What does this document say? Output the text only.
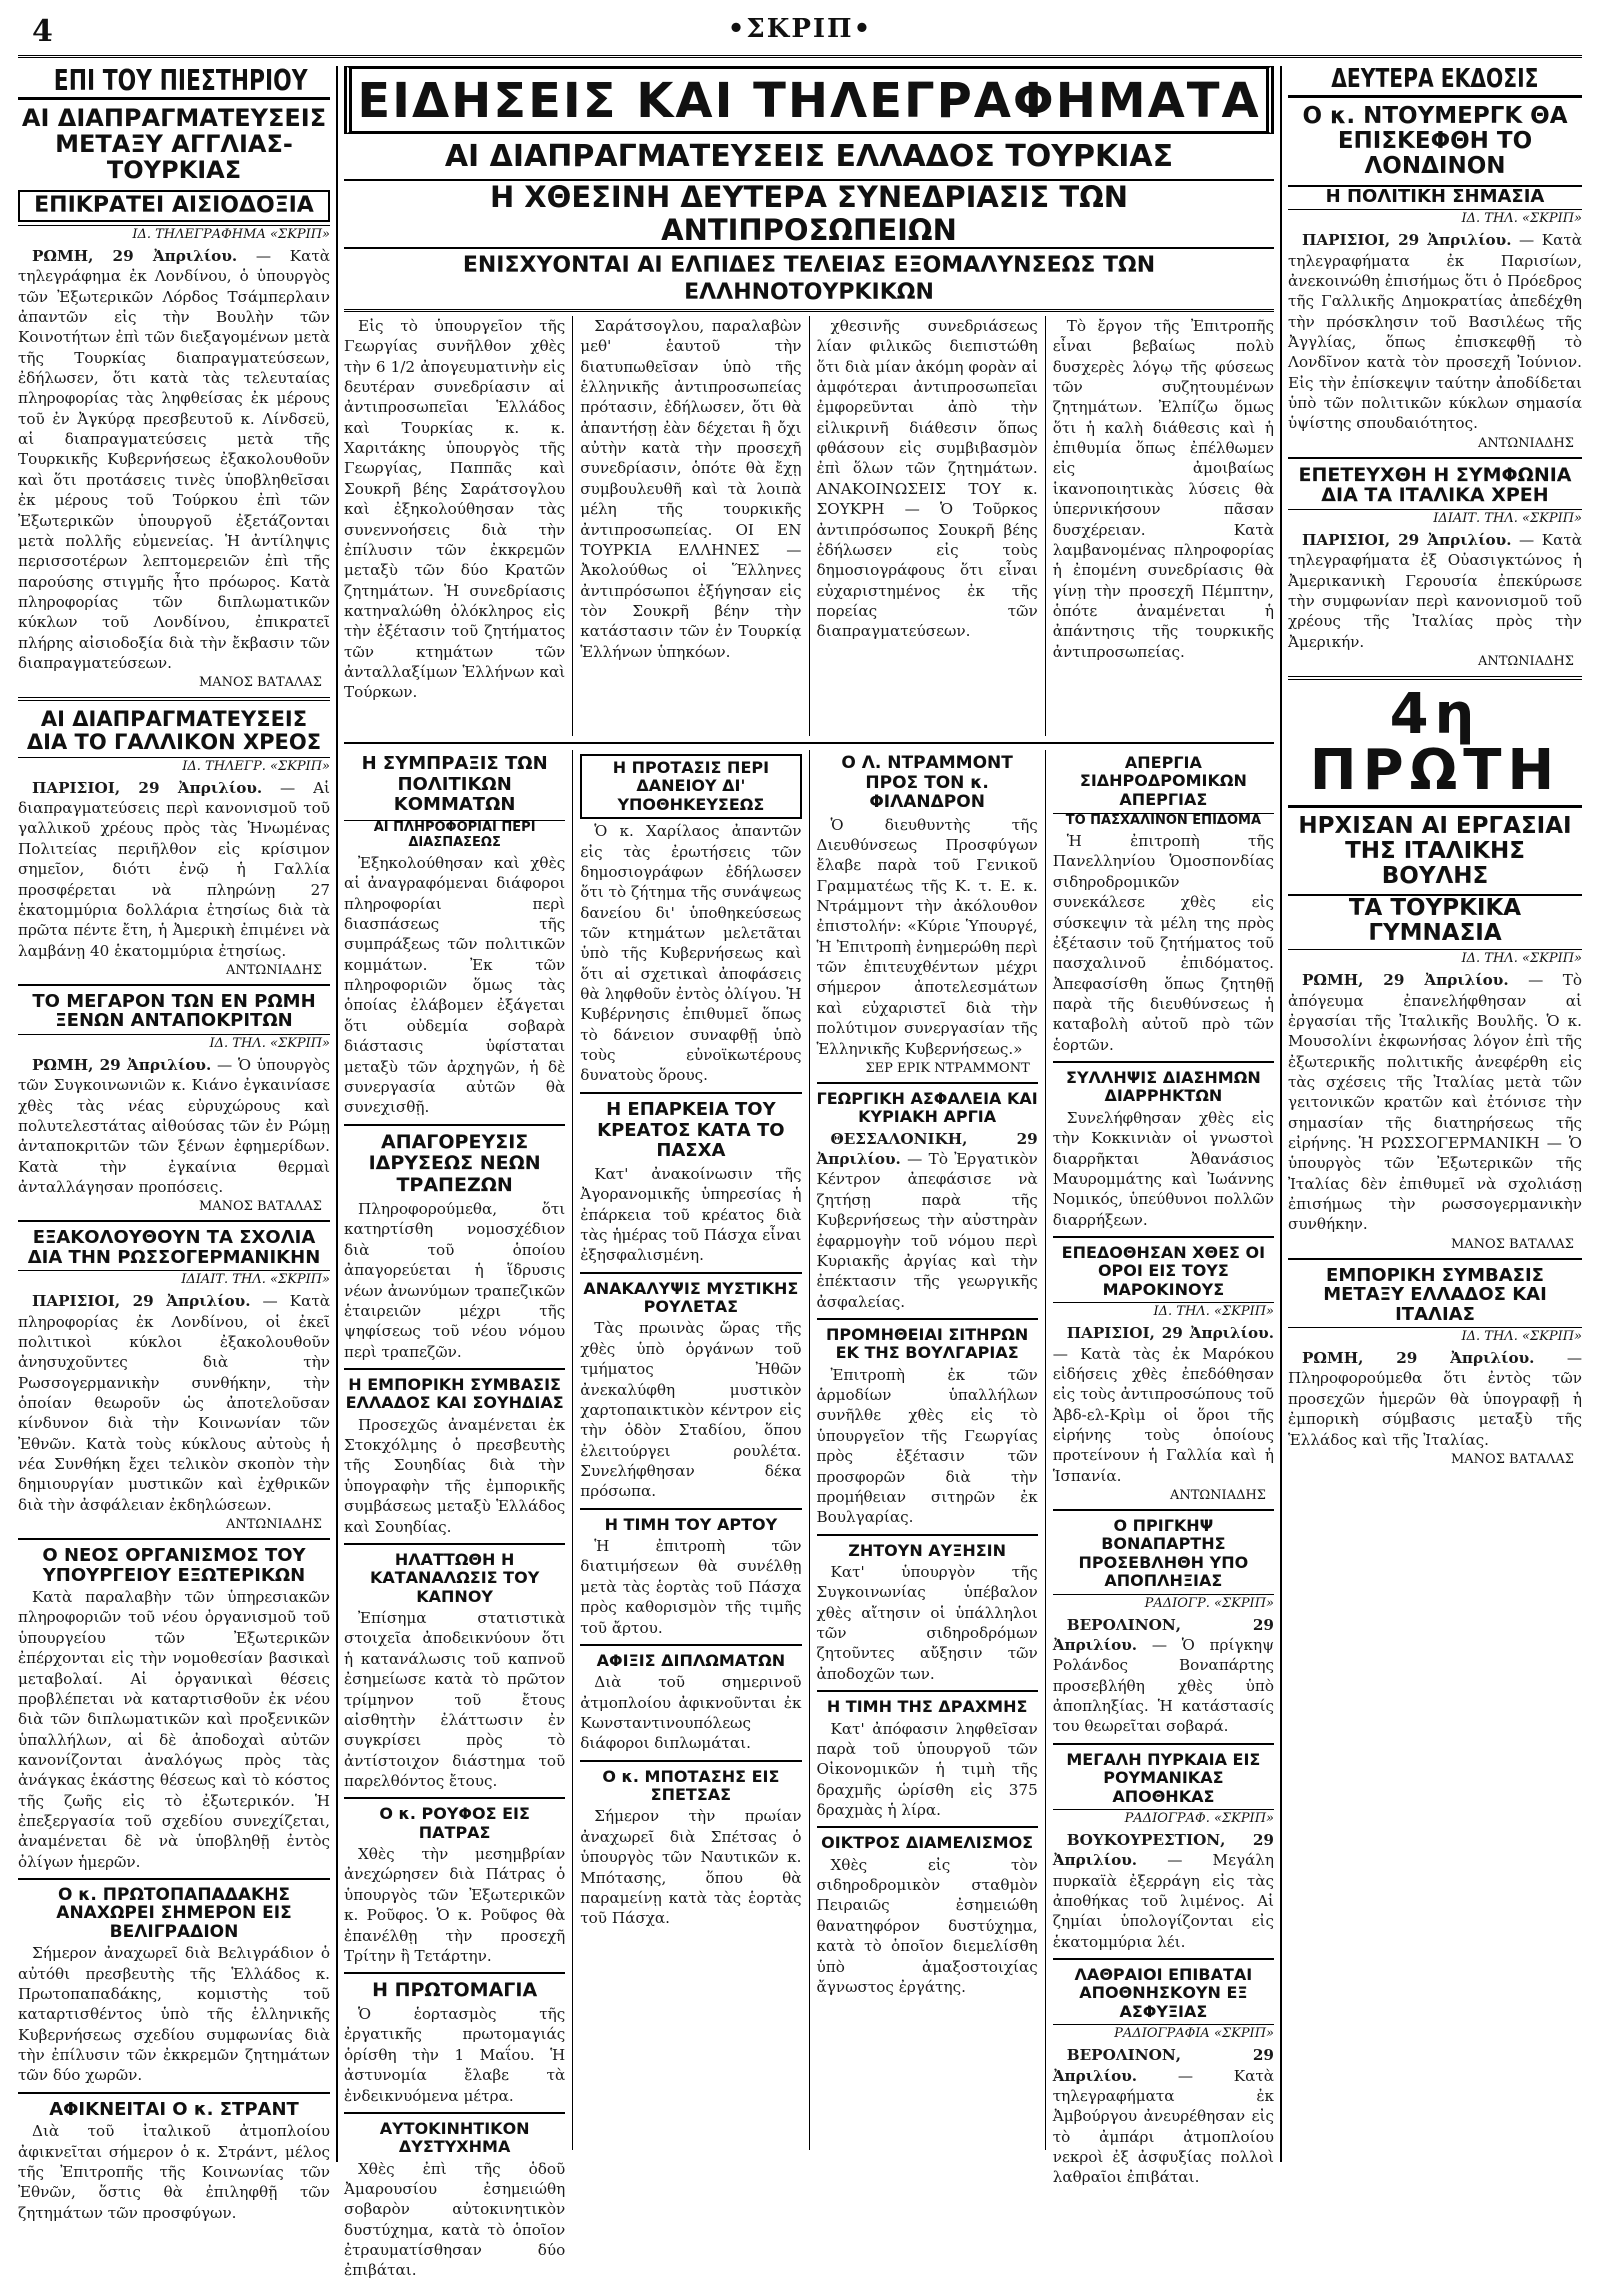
4	•ΣΚΡΙΠ•
ΕΠΙ ΤΟΥ ΠΙΕΣΤΗΡΙΟΥ
ΑΙ ΔΙΑΠΡΑΓΜΑΤΕΥΣΕΙΣ ΜΕΤΑΞΥ ΑΓΓΛΙΑΣ-ΤΟΥΡΚΙΑΣ
ΕΠΙΚΡΑΤΕΙ ΑΙΣΙΟΔΟΞΙΑ
ΙΔ. ΤΗΛΕΓΡΑΦΗΜΑ «ΣΚΡΙΠ»

ΡΩΜΗ, 29 Ἀπριλίου. — Κατὰ τηλεγράφημα ἐκ Λονδίνου, ὁ ὑπουργὸς τῶν Ἐξωτερικῶν Λόρδος Τσάμπερλαιν ἀπαντῶν εἰς τὴν Βουλὴν τῶν Κοινοτήτων ἐπὶ τῶν διεξαγομένων μετὰ τῆς Τουρκίας διαπραγματεύσεων, ἐδήλωσεν, ὅτι κατὰ τὰς τελευταίας πληροφορίας τὰς ληφθείσας ἐκ μέρους τοῦ ἐν Ἀγκύρᾳ πρεσβευτοῦ κ. Λίνδσεϋ, αἱ διαπραγματεύσεις μετὰ τῆς Τουρκικῆς Κυβερνήσεως ἐξακολουθοῦν καὶ ὅτι προτάσεις τινὲς ὑποβληθεῖσαι ἐκ μέρους τοῦ Τούρκου ἐπὶ τῶν Ἐξωτερικῶν ὑπουργοῦ ἐξετάζονται μετὰ πολλῆς εὐμενείας. Ἡ ἀντίληψις περισσοτέρων λεπτομερειῶν ἐπὶ τῆς παρούσης στιγμῆς ἦτο πρόωρος. Κατὰ πληροφορίας τῶν διπλωματικῶν κύκλων τοῦ Λονδίνου, ἐπικρατεῖ πλήρης αἰσιοδοξία διὰ τὴν ἔκβασιν τῶν διαπραγματεύσεων.

ΜΑΝΟΣ ΒΑΤΑΛΑΣ
ΑΙ ΔΙΑΠΡΑΓΜΑΤΕΥΣΕΙΣ ΔΙΑ ΤΟ ΓΑΛΛΙΚΟΝ ΧΡΕΟΣ
ΙΔ. ΤΗΛΕΓΡ. «ΣΚΡΙΠ»

ΠΑΡΙΣΙΟΙ, 29 Ἀπριλίου. — Αἱ διαπραγματεύσεις περὶ κανονισμοῦ τοῦ γαλλικοῦ χρέους πρὸς τὰς Ἡνωμένας Πολιτείας περιῆλθον εἰς κρίσιμον σημεῖον, διότι ἐνῷ ἡ Γαλλία προσφέρεται νὰ πληρώνῃ 27 ἑκατομμύρια δολλάρια ἐτησίως διὰ τὰ πρῶτα πέντε ἔτη, ἡ Ἀμερικὴ ἐπιμένει νὰ λαμβάνῃ 40 ἑκατομμύρια ἐτησίως.

ΑΝΤΩΝΙΑΔΗΣ
ΤΟ ΜΕΓΑΡΟΝ ΤΩΝ ΕΝ ΡΩΜΗ ΞΕΝΩΝ ΑΝΤΑΠΟΚΡΙΤΩΝ
ΙΔ. ΤΗΛ. «ΣΚΡΙΠ»

ΡΩΜΗ, 29 Ἀπριλίου. — Ὁ ὑπουργὸς τῶν Συγκοινωνιῶν κ. Κιάνο ἐγκαινίασε χθὲς τὰς νέας εὐρυχώρους καὶ πολυτελεστάτας αἰθούσας τῶν ἐν Ρώμῃ ἀνταποκριτῶν τῶν ξένων ἐφημερίδων. Κατὰ τὴν ἐγκαίνια θερμαὶ ἀνταλλάγησαν προπόσεις.

ΜΑΝΟΣ ΒΑΤΑΛΑΣ
ΕΞΑΚΟΛΟΥΘΟΥΝ ΤΑ ΣΧΟΛΙΑ ΔΙΑ ΤΗΝ ΡΩΣΣΟΓΕΡΜΑΝΙΚΗΝ
ΙΔΙΑΙΤ. ΤΗΛ. «ΣΚΡΙΠ»

ΠΑΡΙΣΙΟΙ, 29 Ἀπριλίου. — Κατὰ πληροφορίας ἐκ Λονδίνου, οἱ ἐκεῖ πολιτικοὶ κύκλοι ἐξακολουθοῦν ἀνησυχοῦντες διὰ τὴν Ρωσσογερμανικὴν συνθήκην, τὴν ὁποίαν θεωροῦν ὡς ἀποτελοῦσαν κίνδυνον διὰ τὴν Κοινωνίαν τῶν Ἐθνῶν. Κατὰ τοὺς κύκλους αὐτοὺς ἡ νέα Συνθήκη ἔχει τελικὸν σκοπὸν τὴν δημιουργίαν μυστικῶν καὶ ἐχθρικῶν διὰ τὴν ἀσφάλειαν ἐκδηλώσεων.

ΑΝΤΩΝΙΑΔΗΣ
Ο ΝΕΟΣ ΟΡΓΑΝΙΣΜΟΣ ΤΟΥ ΥΠΟΥΡΓΕΙΟΥ ΕΞΩΤΕΡΙΚΩΝ

Κατὰ παραλαβὴν τῶν ὑπηρεσιακῶν πληροφοριῶν τοῦ νέου ὀργανισμοῦ τοῦ ὑπουργείου τῶν Ἐξωτερικῶν ἐπέρχονται εἰς τὴν νομοθεσίαν βασικαὶ μεταβολαί. Αἱ ὀργανικαὶ θέσεις προβλέπεται νὰ καταρτισθοῦν ἐκ νέου διὰ τῶν διπλωματικῶν καὶ προξενικῶν ὑπαλλήλων, αἱ δὲ ἀποδοχαὶ αὐτῶν κανονίζονται ἀναλόγως πρὸς τὰς ἀνάγκας ἑκάστης θέσεως καὶ τὸ κόστος τῆς ζωῆς εἰς τὸ ἐξωτερικόν. Ἡ ἐπεξεργασία τοῦ σχεδίου συνεχίζεται, ἀναμένεται δὲ νὰ ὑποβληθῇ ἐντὸς ὀλίγων ἡμερῶν.

Ο κ. ΠΡΩΤΟΠΑΠΑΔΑΚΗΣ ΑΝΑΧΩΡΕΙ ΣΗΜΕΡΟΝ ΕΙΣ ΒΕΛΙΓΡΑΔΙΟΝ

Σήμερον ἀναχωρεῖ διὰ Βελιγράδιον ὁ αὐτόθι πρεσβευτὴς τῆς Ἑλλάδος κ. Πρωτοπαπαδάκης, κομιστὴς τοῦ καταρτισθέντος ὑπὸ τῆς ἑλληνικῆς Κυβερνήσεως σχεδίου συμφωνίας διὰ τὴν ἐπίλυσιν τῶν ἐκκρεμῶν ζητημάτων τῶν δύο χωρῶν.

ΑΦΙΚΝΕΙΤΑΙ Ο κ. ΣΤΡΑΝΤ

Διὰ τοῦ ἰταλικοῦ ἀτμοπλοίου ἀφικνεῖται σήμερον ὁ κ. Στράντ, μέλος τῆς Ἐπιτροπῆς τῆς Κοινωνίας τῶν Ἐθνῶν, ὅστις θὰ ἐπιληφθῇ τῶν ζητημάτων τῶν προσφύγων.

ΕΙΔΗΣΕΙΣ ΚΑΙ ΤΗΛΕΓΡΑΦΗΜΑΤΑ
ΑΙ ΔΙΑΠΡΑΓΜΑΤΕΥΣΕΙΣ ΕΛΛΑΔΟΣ ΤΟΥΡΚΙΑΣ
Η ΧΘΕΣΙΝΗ ΔΕΥΤΕΡΑ ΣΥΝΕΔΡΙΑΣΙΣ ΤΩΝ ΑΝΤΙΠΡΟΣΩΠΕΙΩΝ
ΕΝΙΣΧΥΟΝΤΑΙ ΑΙ ΕΛΠΙΔΕΣ ΤΕΛΕΙΑΣ ΕΞΟΜΑΛΥΝΣΕΩΣ ΤΩΝ ΕΛΛΗΝΟΤΟΥΡΚΙΚΩΝ

Εἰς τὸ ὑπουργεῖον τῆς Γεωργίας συνῆλθον χθὲς τὴν 6 1/2 ἀπογευματινὴν εἰς δευτέραν συνεδρίασιν αἱ ἀντιπροσωπεῖαι Ἑλλάδος καὶ Τουρκίας κ. κ. Χαριτάκης ὑπουργὸς τῆς Γεωργίας, Παππᾶς καὶ Σουκρῆ βέης Σαράτσογλου καὶ ἐξηκολούθησαν τὰς συνεννοήσεις διὰ τὴν ἐπίλυσιν τῶν ἐκκρεμῶν μεταξὺ τῶν δύο Κρατῶν ζητημάτων. Ἡ συνεδρίασις κατηναλώθη ὁλόκληρος εἰς τὴν ἐξέτασιν τοῦ ζητήματος τῶν κτημάτων τῶν ἀνταλλαξίμων Ἑλλήνων καὶ Τούρκων.

Σαράτσογλου, παραλαβὼν μεθ' ἑαυτοῦ τὴν διατυπωθεῖσαν ὑπὸ τῆς ἑλληνικῆς ἀντιπροσωπείας πρότασιν, ἐδήλωσεν, ὅτι θὰ ἀπαντήσῃ ἐὰν δέχεται ἢ ὄχι αὐτὴν κατὰ τὴν προσεχῆ συνεδρίασιν, ὁπότε θὰ ἔχῃ συμβουλευθῆ καὶ τὰ λοιπὰ μέλη τῆς τουρκικῆς ἀντιπροσωπείας. ΟΙ ΕΝ ΤΟΥΡΚΙΑ ΕΛΛΗΝΕΣ — Ἀκολούθως οἱ Ἕλληνες ἀντιπρόσωποι ἐξήγησαν εἰς τὸν Σουκρῆ βέην τὴν κατάστασιν τῶν ἐν Τουρκίᾳ Ἑλλήνων ὑπηκόων.

χθεσινῆς συνεδριάσεως λίαν φιλικῶς διεπιστώθη ὅτι διὰ μίαν ἀκόμη φορὰν αἱ ἀμφότεραι ἀντιπροσωπεῖαι ἐμφορεῦνται ἀπὸ τὴν εἰλικρινῆ διάθεσιν ὅπως φθάσουν εἰς συμβιβασμὸν ἐπὶ ὅλων τῶν ζητημάτων. ΑΝΑΚΟΙΝΩΣΕΙΣ ΤΟΥ κ. ΣΟΥΚΡΗ — Ὁ Τοῦρκος ἀντιπρόσωπος Σουκρῆ βέης ἐδήλωσεν εἰς τοὺς δημοσιογράφους ὅτι εἶναι εὐχαριστημένος ἐκ τῆς πορείας τῶν διαπραγματεύσεων.

Τὸ ἔργον τῆς Ἐπιτροπῆς εἶναι βεβαίως πολὺ δυσχερὲς λόγῳ τῆς φύσεως τῶν συζητουμένων ζητημάτων. Ἐλπίζω ὅμως ὅτι ἡ καλὴ διάθεσις καὶ ἡ ἐπιθυμία ὅπως ἐπέλθωμεν εἰς ἀμοιβαίως ἱκανοποιητικὰς λύσεις θὰ ὑπερνικήσουν πᾶσαν δυσχέρειαν. Κατὰ λαμβανομένας πληροφορίας ἡ ἐπομένη συνεδρίασις θὰ γίνῃ τὴν προσεχῆ Πέμπτην, ὁπότε ἀναμένεται ἡ ἀπάντησις τῆς τουρκικῆς ἀντιπροσωπείας.

Η ΣΥΜΠΡΑΞΙΣ ΤΩΝ ΠΟΛΙΤΙΚΩΝ ΚΟΜΜΑΤΩΝ
ΑΙ ΠΛΗΡΟΦΟΡΙΑΙ ΠΕΡΙ ΔΙΑΣΠΑΣΕΩΣ

Ἐξηκολούθησαν καὶ χθὲς αἱ ἀναγραφόμεναι διάφοροι πληροφορίαι περὶ διασπάσεως τῆς συμπράξεως τῶν πολιτικῶν κομμάτων. Ἐκ τῶν πληροφοριῶν ὅμως τὰς ὁποίας ἐλάβομεν ἐξάγεται ὅτι οὐδεμία σοβαρὰ διάστασις ὑφίσταται μεταξὺ τῶν ἀρχηγῶν, ἡ δὲ συνεργασία αὐτῶν θὰ συνεχισθῇ.

ΑΠΑΓΟΡΕΥΣΙΣ ΙΔΡΥΣΕΩΣ ΝΕΩΝ ΤΡΑΠΕΖΩΝ

Πληροφορούμεθα, ὅτι κατηρτίσθη νομοσχέδιον διὰ τοῦ ὁποίου ἀπαγορεύεται ἡ ἵδρυσις νέων ἀνωνύμων τραπεζικῶν ἑταιρειῶν μέχρι τῆς ψηφίσεως τοῦ νέου νόμου περὶ τραπεζῶν.

Η ΕΜΠΟΡΙΚΗ ΣΥΜΒΑΣΙΣ ΕΛΛΑΔΟΣ ΚΑΙ ΣΟΥΗΔΙΑΣ

Προσεχῶς ἀναμένεται ἐκ Στοκχόλμης ὁ πρεσβευτὴς τῆς Σουηδίας διὰ τὴν ὑπογραφὴν τῆς ἐμπορικῆς συμβάσεως μεταξὺ Ἑλλάδος καὶ Σουηδίας.

ΗΛΑΤΤΩΘΗ Η ΚΑΤΑΝΑΛΩΣΙΣ ΤΟΥ ΚΑΠΝΟΥ

Ἐπίσημα στατιστικὰ στοιχεῖα ἀποδεικνύουν ὅτι ἡ κατανάλωσις τοῦ καπνοῦ ἐσημείωσε κατὰ τὸ πρῶτον τρίμηνον τοῦ ἔτους αἰσθητὴν ἐλάττωσιν ἐν συγκρίσει πρὸς τὸ ἀντίστοιχον διάστημα τοῦ παρελθόντος ἔτους.

Ο κ. ΡΟΥΦΟΣ ΕΙΣ ΠΑΤΡΑΣ

Χθὲς τὴν μεσημβρίαν ἀνεχώρησεν διὰ Πάτρας ὁ ὑπουργὸς τῶν Ἐξωτερικῶν κ. Ροῦφος. Ὁ κ. Ροῦφος θὰ ἐπανέλθῃ τὴν προσεχῆ Τρίτην ἢ Τετάρτην.

Η ΠΡΩΤΟΜΑΓΙΑ

Ὁ ἑορτασμὸς τῆς ἐργατικῆς πρωτομαγιάς ὁρίσθη τὴν 1 Μαΐου. Ἡ ἀστυνομία ἔλαβε τὰ ἐνδεικνυόμενα μέτρα.

ΑΥΤΟΚΙΝΗΤΙΚΟΝ ΔΥΣΤΥΧΗΜΑ

Χθὲς ἐπὶ τῆς ὁδοῦ Ἀμαρουσίου ἐσημειώθη σοβαρὸν αὐτοκινητικὸν δυστύχημα, κατὰ τὸ ὁποῖον ἐτραυματίσθησαν δύο ἐπιβάται.

Η ΠΡΟΤΑΣΙΣ ΠΕΡΙ ΔΑΝΕΙΟΥ ΔΙ' ΥΠΟΘΗΚΕΥΣΕΩΣ

Ὁ κ. Χαρίλαος ἀπαντῶν εἰς τὰς ἐρωτήσεις τῶν δημοσιογράφων ἐδήλωσεν ὅτι τὸ ζήτημα τῆς συνάψεως δανείου δι' ὑποθηκεύσεως τῶν κτημάτων μελετᾶται ὑπὸ τῆς Κυβερνήσεως καὶ ὅτι αἱ σχετικαὶ ἀποφάσεις θὰ ληφθοῦν ἐντὸς ὀλίγου. Ἡ Κυβέρνησις ἐπιθυμεῖ ὅπως τὸ δάνειον συναφθῇ ὑπὸ τοὺς εὐνοϊκωτέρους δυνατοὺς ὅρους.

Η ΕΠΑΡΚΕΙΑ ΤΟΥ ΚΡΕΑΤΟΣ ΚΑΤΑ ΤΟ ΠΑΣΧΑ

Κατ' ἀνακοίνωσιν τῆς Ἀγορανομικῆς ὑπηρεσίας ἡ ἐπάρκεια τοῦ κρέατος διὰ τὰς ἡμέρας τοῦ Πάσχα εἶναι ἐξησφαλισμένη.

ΑΝΑΚΑΛΥΨΙΣ ΜΥΣΤΙΚΗΣ ΡΟΥΛΕΤΑΣ

Τὰς πρωινὰς ὥρας τῆς χθὲς ὑπὸ ὀργάνων τοῦ τμήματος Ἠθῶν ἀνεκαλύφθη μυστικὸν χαρτοπαικτικὸν κέντρον εἰς τὴν ὁδὸν Σταδίου, ὅπου ἐλειτούργει ρουλέτα. Συνελήφθησαν δέκα πρόσωπα.

Η ΤΙΜΗ ΤΟΥ ΑΡΤΟΥ

Ἡ ἐπιτροπὴ τῶν διατιμήσεων θὰ συνέλθῃ μετὰ τὰς ἑορτὰς τοῦ Πάσχα πρὸς καθορισμὸν τῆς τιμῆς τοῦ ἄρτου.

ΑΦΙΞΙΣ ΔΙΠΛΩΜΑΤΩΝ

Διὰ τοῦ σημερινοῦ ἀτμοπλοίου ἀφικνοῦνται ἐκ Κωνσταντινουπόλεως διάφοροι διπλωμάται.

Ο κ. ΜΠΟΤΑΣΗΣ ΕΙΣ ΣΠΕΤΣΑΣ

Σήμερον τὴν πρωίαν ἀναχωρεῖ διὰ Σπέτσας ὁ ὑπουργὸς τῶν Ναυτικῶν κ. Μπότασης, ὅπου θὰ παραμείνῃ κατὰ τὰς ἑορτὰς τοῦ Πάσχα.

Ο Λ. ΝΤΡΑΜΜΟΝΤ ΠΡΟΣ ΤΟΝ κ. ΦΙΛΑΝΔΡΟΝ

Ὁ διευθυντὴς τῆς Διευθύνσεως Προσφύγων ἔλαβε παρὰ τοῦ Γενικοῦ Γραμματέως τῆς Κ. τ. Ε. κ. Ντράμμοντ τὴν ἀκόλουθον ἐπιστολήν: «Κύριε Ὑπουργέ, Ἡ Ἐπιτροπὴ ἐνημερώθη περὶ τῶν ἐπιτευχθέντων μέχρι σήμερον ἀποτελεσμάτων καὶ εὐχαριστεῖ διὰ τὴν πολύτιμον συνεργασίαν τῆς Ἑλληνικῆς Κυβερνήσεως.»

ΣΕΡ ΕΡΙΚ ΝΤΡΑΜΜΟΝΤ
ΓΕΩΡΓΙΚΗ ΑΣΦΑΛΕΙΑ ΚΑΙ ΚΥΡΙΑΚΗ ΑΡΓΙΑ

ΘΕΣΣΑΛΟΝΙΚΗ, 29 Ἀπριλίου. — Τὸ Ἐργατικὸν Κέντρον ἀπεφάσισε νὰ ζητήσῃ παρὰ τῆς Κυβερνήσεως τὴν αὐστηρὰν ἐφαρμογὴν τοῦ νόμου περὶ Κυριακῆς ἀργίας καὶ τὴν ἐπέκτασιν τῆς γεωργικῆς ἀσφαλείας.

ΠΡΟΜΗΘΕΙΑΙ ΣΙΤΗΡΩΝ ΕΚ ΤΗΣ ΒΟΥΛΓΑΡΙΑΣ

Ἐπιτροπὴ ἐκ τῶν ἁρμοδίων ὑπαλλήλων συνῆλθε χθὲς εἰς τὸ ὑπουργεῖον τῆς Γεωργίας πρὸς ἐξέτασιν τῶν προσφορῶν διὰ τὴν προμήθειαν σιτηρῶν ἐκ Βουλγαρίας.

ΖΗΤΟΥΝ ΑΥΞΗΣΙΝ

Κατ' ὑπουργὸν τῆς Συγκοινωνίας ὑπέβαλον χθὲς αἴτησιν οἱ ὑπάλληλοι τῶν σιδηροδρόμων ζητοῦντες αὔξησιν τῶν ἀποδοχῶν των.

Η ΤΙΜΗ ΤΗΣ ΔΡΑΧΜΗΣ

Κατ' ἀπόφασιν ληφθεῖσαν παρὰ τοῦ ὑπουργοῦ τῶν Οἰκονομικῶν ἡ τιμὴ τῆς δραχμῆς ὡρίσθη εἰς 375 δραχμὰς ἡ λίρα.

ΟΙΚΤΡΟΣ ΔΙΑΜΕΛΙΣΜΟΣ

Χθὲς εἰς τὸν σιδηροδρομικὸν σταθμὸν Πειραιῶς ἐσημειώθη θανατηφόρον δυστύχημα, κατὰ τὸ ὁποῖον διεμελίσθη ὑπὸ ἁμαξοστοιχίας ἄγνωστος ἐργάτης.

ΑΠΕΡΓΙΑ ΣΙΔΗΡΟΔΡΟΜΙΚΩΝ ΑΠΕΡΓΙΑΣ
ΤΟ ΠΑΣΧΑΛΙΝΟΝ ΕΠΙΔΟΜΑ

Ἡ ἐπιτροπὴ τῆς Πανελληνίου Ὁμοσπονδίας σιδηροδρομικῶν συνεκάλεσε χθὲς εἰς σύσκεψιν τὰ μέλη της πρὸς ἐξέτασιν τοῦ ζητήματος τοῦ πασχαλινοῦ ἐπιδόματος. Ἀπεφασίσθη ὅπως ζητηθῇ παρὰ τῆς διευθύνσεως ἡ καταβολὴ αὐτοῦ πρὸ τῶν ἑορτῶν.

ΣΥΛΛΗΨΙΣ ΔΙΑΣΗΜΩΝ ΔΙΑΡΡΗΚΤΩΝ

Συνελήφθησαν χθὲς εἰς τὴν Κοκκινιὰν οἱ γνωστοὶ διαρρῆκται Ἀθανάσιος Μαυρομμάτης καὶ Ἰωάννης Νομικός, ὑπεύθυνοι πολλῶν διαρρήξεων.

ΕΠΕΔΟΘΗΣΑΝ ΧΘΕΣ ΟΙ ΟΡΟΙ ΕΙΣ ΤΟΥΣ ΜΑΡΟΚΙΝΟΥΣ
ΙΔ. ΤΗΛ. «ΣΚΡΙΠ»

ΠΑΡΙΣΙΟΙ, 29 Ἀπριλίου. — Κατὰ τὰς ἐκ Μαρόκου εἰδήσεις χθὲς ἐπεδόθησαν εἰς τοὺς ἀντιπροσώπους τοῦ Ἀβδ-ελ-Κρὶμ οἱ ὅροι τῆς εἰρήνης τοὺς ὁποίους προτείνουν ἡ Γαλλία καὶ ἡ Ἱσπανία.

ΑΝΤΩΝΙΑΔΗΣ
Ο ΠΡΙΓΚΗΨ ΒΟΝΑΠΑΡΤΗΣ ΠΡΟΣΕΒΛΗΘΗ ΥΠΟ ΑΠΟΠΛΗΞΙΑΣ
ΡΑΔΙΟΓΡ. «ΣΚΡΙΠ»

ΒΕΡΟΛΙΝΟΝ, 29 Ἀπριλίου. — Ὁ πρίγκηψ Ρολάνδος Βοναπάρτης προσεβλήθη χθὲς ὑπὸ ἀποπληξίας. Ἡ κατάστασίς του θεωρεῖται σοβαρά.

ΜΕΓΑΛΗ ΠΥΡΚΑΙΑ ΕΙΣ ΡΟΥΜΑΝΙΚΑΣ ΑΠΟΘΗΚΑΣ
ΡΑΔΙΟΓΡΑΦ. «ΣΚΡΙΠ»

ΒΟΥΚΟΥΡΕΣΤΙΟΝ, 29 Ἀπριλίου. — Μεγάλη πυρκαϊὰ ἐξερράγη εἰς τὰς ἀποθήκας τοῦ λιμένος. Αἱ ζημίαι ὑπολογίζονται εἰς ἑκατομμύρια λέι.

ΛΑΘΡΑΙΟΙ ΕΠΙΒΑΤΑΙ ΑΠΟΘΝΗΣΚΟΥΝ ΕΞ ΑΣΦΥΞΙΑΣ
ΡΑΔΙΟΓΡΑΦΙΑ «ΣΚΡΙΠ»

ΒΕΡΟΛΙΝΟΝ, 29 Ἀπριλίου.	— Κατὰ τηλεγραφήματα ἐκ Ἀμβούργου ἀνευρέθησαν εἰς τὸ ἀμπάρι ἀτμοπλοίου νεκροὶ ἐξ ἀσφυξίας πολλοὶ λαθραῖοι ἐπιβάται.

ΔΕΥΤΕΡΑ ΕΚΔΟΣΙΣ
Ο κ. ΝΤΟΥΜΕΡΓΚ ΘΑ ΕΠΙΣΚΕΦΘΗ ΤΟ ΛΟΝΔΙΝΟΝ
Η ΠΟΛΙΤΙΚΗ ΣΗΜΑΣΙΑ
ΙΔ. ΤΗΛ. «ΣΚΡΙΠ»

ΠΑΡΙΣΙΟΙ, 29 Ἀπριλίου. — Κατὰ τηλεγραφήματα ἐκ Παρισίων, ἀνεκοινώθη ἐπισήμως ὅτι ὁ Πρόεδρος τῆς Γαλλικῆς Δημοκρατίας ἀπεδέχθη τὴν πρόσκλησιν τοῦ Βασιλέως τῆς Ἀγγλίας, ὅπως ἐπισκεφθῇ τὸ Λονδῖνον κατὰ τὸν προσεχῆ Ἰούνιον. Εἰς τὴν ἐπίσκεψιν ταύτην ἀποδίδεται ὑπὸ τῶν πολιτικῶν κύκλων σημασία ὑψίστης σπουδαιότητος.

ΑΝΤΩΝΙΑΔΗΣ
ΕΠΕΤΕΥΧΘΗ Η ΣΥΜΦΩΝΙΑ ΔΙΑ ΤΑ ΙΤΑΛΙΚΑ ΧΡΕΗ
ΙΔΙΑΙΤ. ΤΗΛ. «ΣΚΡΙΠ»

ΠΑΡΙΣΙΟΙ, 29 Ἀπριλίου. — Κατὰ τηλεγραφήματα ἐξ Οὐασιγκτώνος ἡ Ἀμερικανικὴ Γερουσία ἐπεκύρωσε τὴν συμφωνίαν περὶ κανονισμοῦ τοῦ χρέους τῆς Ἰταλίας πρὸς τὴν Ἀμερικήν.

ΑΝΤΩΝΙΑΔΗΣ
4η ΠΡΩΤΗ
ΗΡΧΙΣΑΝ ΑΙ ΕΡΓΑΣΙΑΙ ΤΗΣ ΙΤΑΛΙΚΗΣ ΒΟΥΛΗΣ
ΤΑ ΤΟΥΡΚΙΚΑ ΓΥΜΝΑΣΙΑ
ΙΔ. ΤΗΛ. «ΣΚΡΙΠ»

ΡΩΜΗ, 29 Ἀπριλίου. — Τὸ ἀπόγευμα ἐπανελήφθησαν αἱ ἐργασίαι τῆς Ἰταλικῆς Βουλῆς. Ὁ κ. Μουσολίνι ἐκφωνήσας λόγον ἐπὶ τῆς ἐξωτερικῆς πολιτικῆς ἀνεφέρθη εἰς τὰς σχέσεις τῆς Ἰταλίας μετὰ τῶν γειτονικῶν κρατῶν καὶ ἐτόνισε τὴν σημασίαν τῆς διατηρήσεως τῆς εἰρήνης. Ἡ ΡΩΣΣΟΓΕΡΜΑΝΙΚΗ — Ὁ ὑπουργὸς τῶν Ἐξωτερικῶν τῆς Ἰταλίας δὲν ἐπιθυμεῖ νὰ σχολιάσῃ ἐπισήμως τὴν ρωσσογερμανικὴν συνθήκην.

ΜΑΝΟΣ ΒΑΤΑΛΑΣ
ΕΜΠΟΡΙΚΗ ΣΥΜΒΑΣΙΣ ΜΕΤΑΞΥ ΕΛΛΑΔΟΣ ΚΑΙ ΙΤΑΛΙΑΣ
ΙΔ. ΤΗΛ. «ΣΚΡΙΠ»

ΡΩΜΗ, 29 Ἀπριλίου. — Πληροφορούμεθα ὅτι ἐντὸς τῶν προσεχῶν ἡμερῶν θὰ ὑπογραφῇ ἡ ἐμπορικὴ σύμβασις μεταξὺ τῆς Ἑλλάδος καὶ τῆς Ἰταλίας.

ΜΑΝΟΣ ΒΑΤΑΛΑΣ
